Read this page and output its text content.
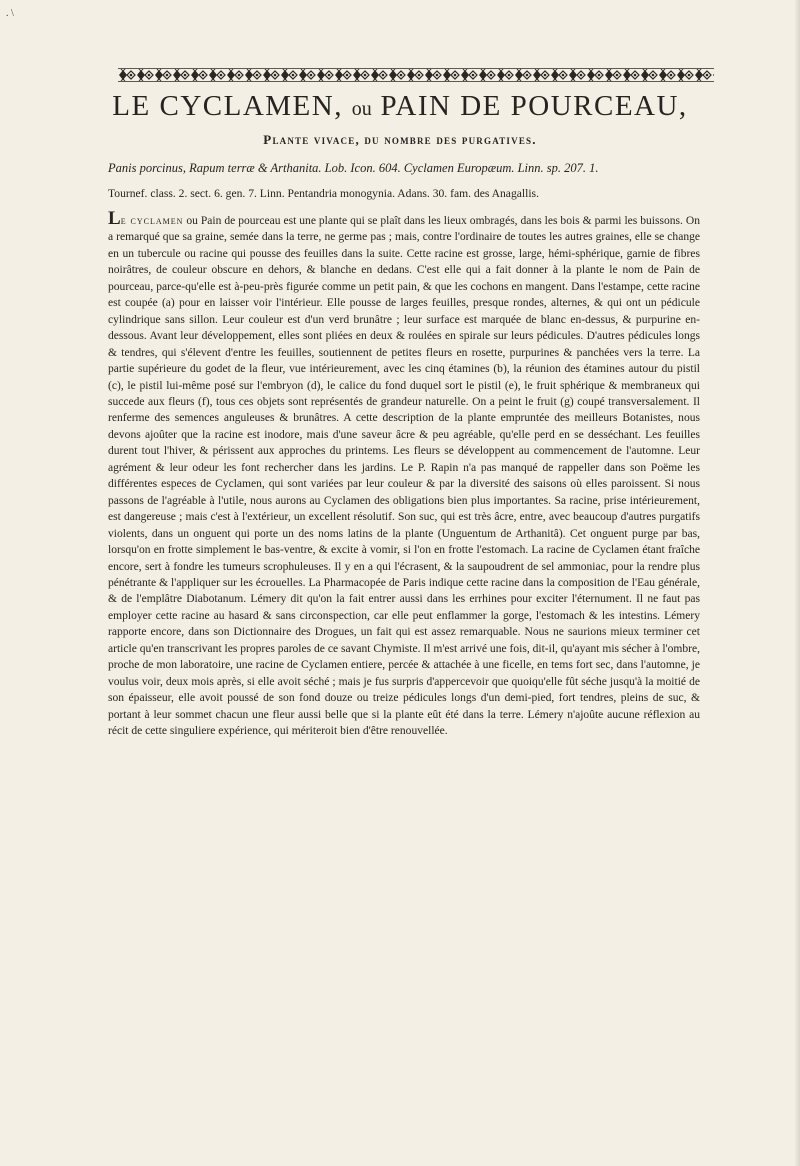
. \
LE CYCLAMEN, ou PAIN DE POURCEAU,
Plante vivace, du nombre des purgatives.

Panis porcinus, Rapum terræ & Arthanita. Lob. Icon. 604. Cyclamen Europæum. Linn. sp. 207. 1.

Tournef. class. 2. sect. 6. gen. 7. Linn. Pentandria monogynia. Adans. 30. fam. des Anagallis.

Le cyclamen ou Pain de pourceau est une plante qui se plaît dans les lieux ombragés, dans les bois & parmi les buissons. On a remarqué que sa graine, semée dans la terre, ne germe pas ; mais, contre l'ordinaire de toutes les autres graines, elle se change en un tubercule ou racine qui pousse des feuilles dans la suite. Cette racine est grosse, large, hémi-sphérique, garnie de fibres noirâtres, de couleur obscure en dehors, & blanche en dedans. C'est elle qui a fait donner à la plante le nom de Pain de pourceau, parce-qu'elle est à-peu-près figurée comme un petit pain, & que les cochons en mangent. Dans l'estampe, cette racine est coupée (a) pour en laisser voir l'intérieur. Elle pousse de larges feuilles, presque rondes, alternes, & qui ont un pédicule cylindrique sans sillon. Leur couleur est d'un verd brunâtre ; leur surface est marquée de blanc en-dessus, & purpurine en-dessous. Avant leur développement, elles sont pliées en deux & roulées en spirale sur leurs pédicules. D'autres pédicules longs & tendres, qui s'élevent d'entre les feuilles, soutiennent de petites fleurs en rosette, purpurines & panchées vers la terre. La partie supérieure du godet de la fleur, vue intérieurement, avec les cinq étamines (b), la réunion des étamines autour du pistil (c), le pistil lui-même posé sur l'embryon (d), le calice du fond duquel sort le pistil (e), le fruit sphérique & membraneux qui succede aux fleurs (f), tous ces objets sont représentés de grandeur naturelle. On a peint le fruit (g) coupé transversalement. Il renferme des semences anguleuses & brunâtres. A cette description de la plante empruntée des meilleurs Botanistes, nous devons ajoûter que la racine est inodore, mais d'une saveur âcre & peu agréable, qu'elle perd en se desséchant. Les feuilles durent tout l'hiver, & périssent aux approches du printems. Les fleurs se développent au commencement de l'automne. Leur agrément & leur odeur les font rechercher dans les jardins. Le P. Rapin n'a pas manqué de rappeller dans son Poëme les différentes especes de Cyclamen, qui sont variées par leur couleur & par la diversité des saisons où elles paroissent. Si nous passons de l'agréable à l'utile, nous aurons au Cyclamen des obligations bien plus importantes. Sa racine, prise intérieurement, est dangereuse ; mais c'est à l'extérieur, un excellent résolutif. Son suc, qui est très âcre, entre, avec beaucoup d'autres purgatifs violents, dans un onguent qui porte un des noms latins de la plante (Unguentum de Arthanitâ). Cet onguent purge par bas, lorsqu'on en frotte simplement le bas-ventre, & excite à vomir, si l'on en frotte l'estomach. La racine de Cyclamen étant fraîche encore, sert à fondre les tumeurs scrophuleuses. Il y en a qui l'écrasent, & la saupoudrent de sel ammoniac, pour la rendre plus pénétrante & l'appliquer sur les écrouelles. La Pharmacopée de Paris indique cette racine dans la composition de l'Eau générale, & de l'emplâtre Diabotanum. Lémery dit qu'on la fait entrer aussi dans les errhines pour exciter l'éternument. Il ne faut pas employer cette racine au hasard & sans circonspection, car elle peut enflammer la gorge, l'estomach & les intestins. Lémery rapporte encore, dans son Dictionnaire des Drogues, un fait qui est assez remarquable. Nous ne saurions mieux terminer cet article qu'en transcrivant les propres paroles de ce savant Chymiste. Il m'est arrivé une fois, dit-il, qu'ayant mis sécher à l'ombre, proche de mon laboratoire, une racine de Cyclamen entiere, percée & attachée à une ficelle, en tems fort sec, dans l'automne, je voulus voir, deux mois après, si elle avoit séché ; mais je fus surpris d'appercevoir que quoiqu'elle fût séche jusqu'à la moitié de son épaisseur, elle avoit poussé de son fond douze ou treize pédicules longs d'un demi-pied, fort tendres, pleins de suc, & portant à leur sommet chacun une fleur aussi belle que si la plante eût été dans la terre. Lémery n'ajoûte aucune réflexion au récit de cette singuliere expérience, qui mériteroit bien d'être renouvellée.
